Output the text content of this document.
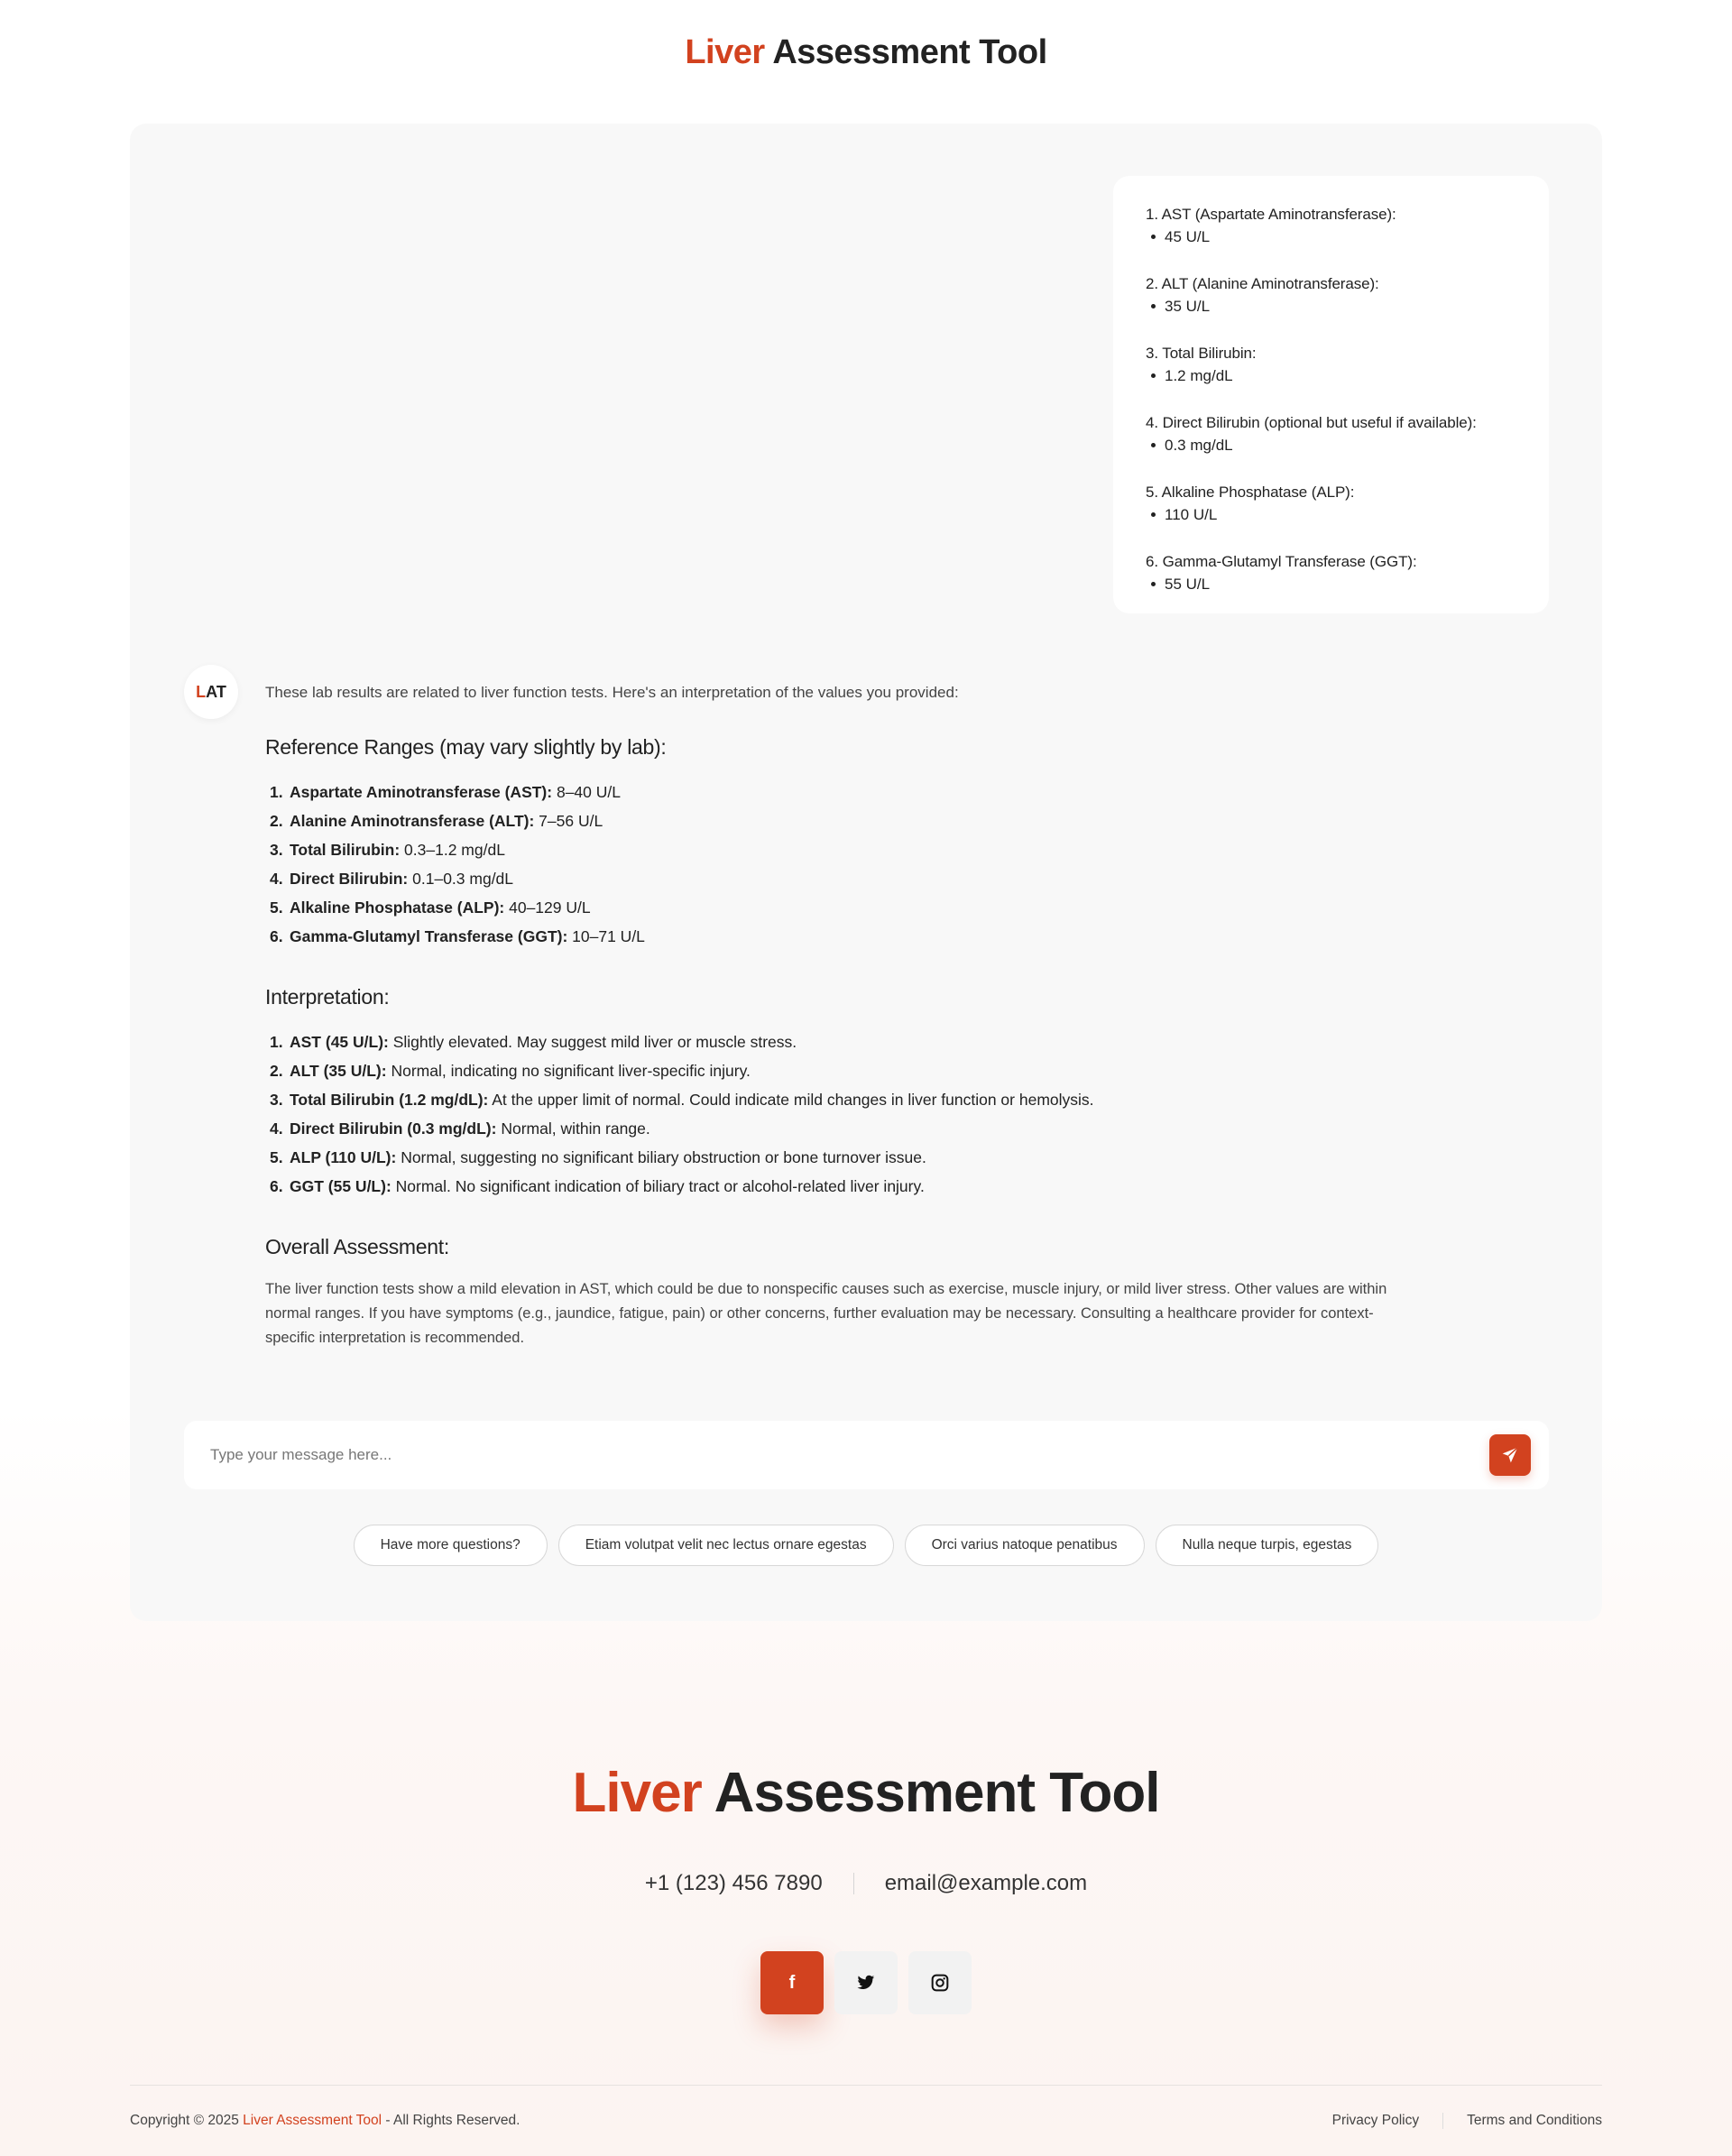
Liver Assessment Tool
1. AST (Aspartate Aminotransferase):
45 U/L
2. ALT (Alanine Aminotransferase):
35 U/L
3. Total Bilirubin:
1.2 mg/dL
4. Direct Bilirubin (optional but useful if available):
0.3 mg/dL
5. Alkaline Phosphatase (ALP):
110 U/L
6. Gamma-Glutamyl Transferase (GGT):
55 U/L
L AT	These lab results are related to liver function tests. Here's an interpretation of the values you provided:
Reference Ranges (may vary slightly by lab):
1. Aspartate Aminotransferase (AST): 8–40 U/L
2. Alanine Aminotransferase (ALT): 7–56 U/L
3. Total Bilirubin: 0.3–1.2 mg/dL
4. Direct Bilirubin: 0.1–0.3 mg/dL
5. Alkaline Phosphatase (ALP): 40–129 U/L
6. Gamma-Glutamyl Transferase (GGT): 10–71 U/L
Interpretation:
1. AST (45 U/L): Slightly elevated. May suggest mild liver or muscle stress.
2. ALT (35 U/L): Normal, indicating no significant liver-specific injury.
3. Total Bilirubin (1.2 mg/dL): At the upper limit of normal. Could indicate mild changes in liver function or hemolysis.
4. Direct Bilirubin (0.3 mg/dL): Normal, within range.
5. ALP (110 U/L): Normal, suggesting no significant biliary obstruction or bone turnover issue.
6. GGT (55 U/L): Normal. No significant indication of biliary tract or alcohol-related liver injury.
Overall Assessment:

The liver function tests show a mild elevation in AST, which could be due to nonspecific causes such as exercise, muscle injury, or mild liver stress. Other values are within normal ranges. If you have symptoms (e.g., jaundice, fatigue, pain) or other concerns, further evaluation may be necessary. Consulting a healthcare provider for context-specific interpretation is recommended.

Type your message here...
Have more questions?	Etiam volutpat velit nec lectus ornare egestas	Orci varius natoque penatibus	Nulla neque turpis, egestas
Liver Assessment Tool
+1 (123) 456 7890	email@example.com
f
Copyright © 2025 Liver Assessment Tool - All Rights Reserved.	Privacy Policy	Terms and Conditions
